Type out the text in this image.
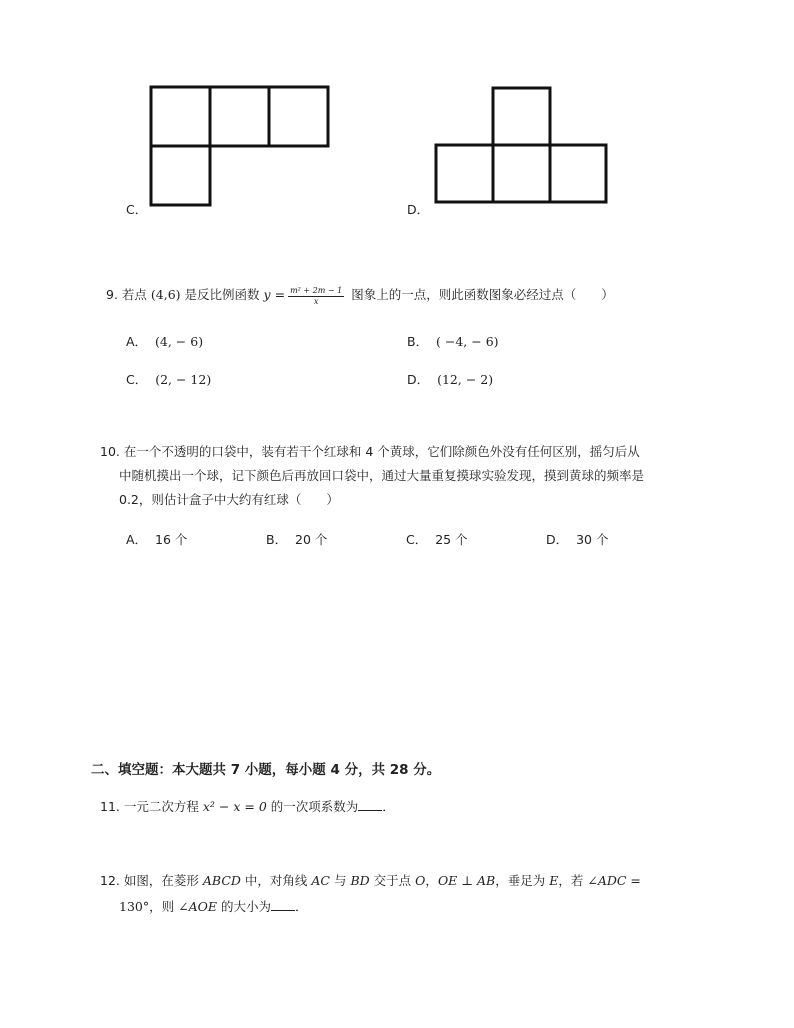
C．	D．
9. 若点 (4,6) 是反比例函数 $y = \frac{\text{m² + 2m − 1}}{x}$ 图象上的一点，则此函数图象必经过点（　　）
A． (4, − 6)	B． ( −4, − 6)
C． (2, − 12)	D． (12, − 2)
10. 在一个不透明的口袋中，装有若干个红球和 4 个黄球，它们除颜色外没有任何区别，摇匀后从
中随机摸出一个球，记下颜色后再放回口袋中，通过大量重复摸球实验发现，摸到黄球的频率是
0.2，则估计盒子中大约有红球（　　）
A． 16 个	B． 20 个	C． 25 个	D． 30 个
二、填空题：本大题共 7 小题，每小题 4 分，共 28 分。
11. 一元二次方程 x² − x = 0 的一次项系数为 ．
12. 如图，在菱形 ABCD 中，对角线 AC 与 BD 交于点 O，OE ⊥ AB，垂足为 E，若 ∠ADC =
130°，则 ∠AOE 的大小为 ．
